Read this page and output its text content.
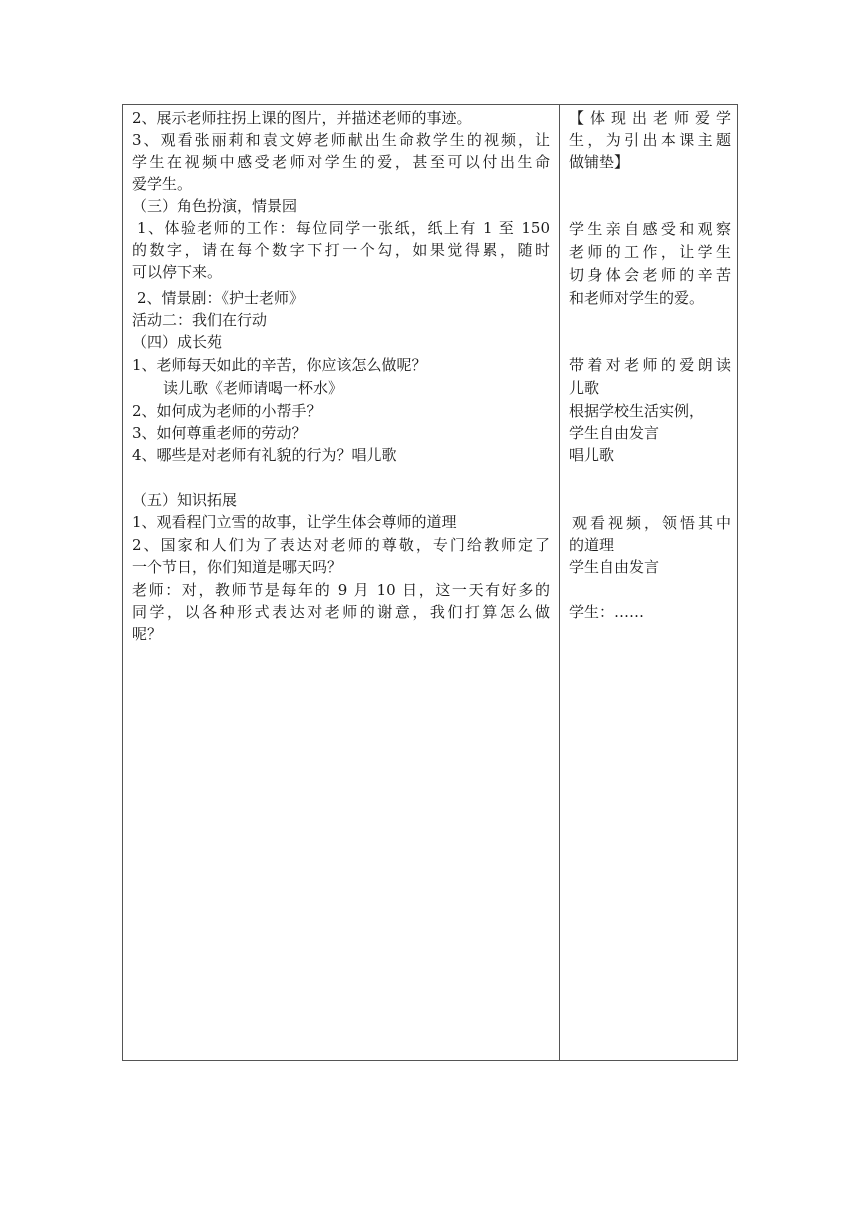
2、展示老师拄拐上课的图片，并描述老师的事迹。
3、观看张丽莉和袁文婷老师献出生命救学生的视频，让
学生在视频中感受老师对学生的爱，甚至可以付出生命
爱学生。
（三）角色扮演，情景园
1、体验老师的工作：每位同学一张纸，纸上有 1 至 150
的数字，请在每个数字下打一个勾，如果觉得累，随时
可以停下来。
2、情景剧：《护士老师》
活动二：我们在行动
（四）成长苑
1、老师每天如此的辛苦，你应该怎么做呢？
读儿歌《老师请喝一杯水》
2、如何成为老师的小帮手？
3、如何尊重老师的劳动？
4、哪些是对老师有礼貌的行为？唱儿歌
（五）知识拓展
1、观看程门立雪的故事，让学生体会尊师的道理
2、国家和人们为了表达对老师的尊敬，专门给教师定了
一个节日，你们知道是哪天吗？
老师：对，教师节是每年的 9 月 10 日，这一天有好多的
同学，以各种形式表达对老师的谢意，我们打算怎么做
呢？
【体现出老师爱学
生，为引出本课主题
做铺垫】
学生亲自感受和观察
老师的工作，让学生
切身体会老师的辛苦
和老师对学生的爱。
带着对老师的爱朗读
儿歌
根据学校生活实例，
学生自由发言
唱儿歌
观看视频，领悟其中
的道理
学生自由发言
学生：……
